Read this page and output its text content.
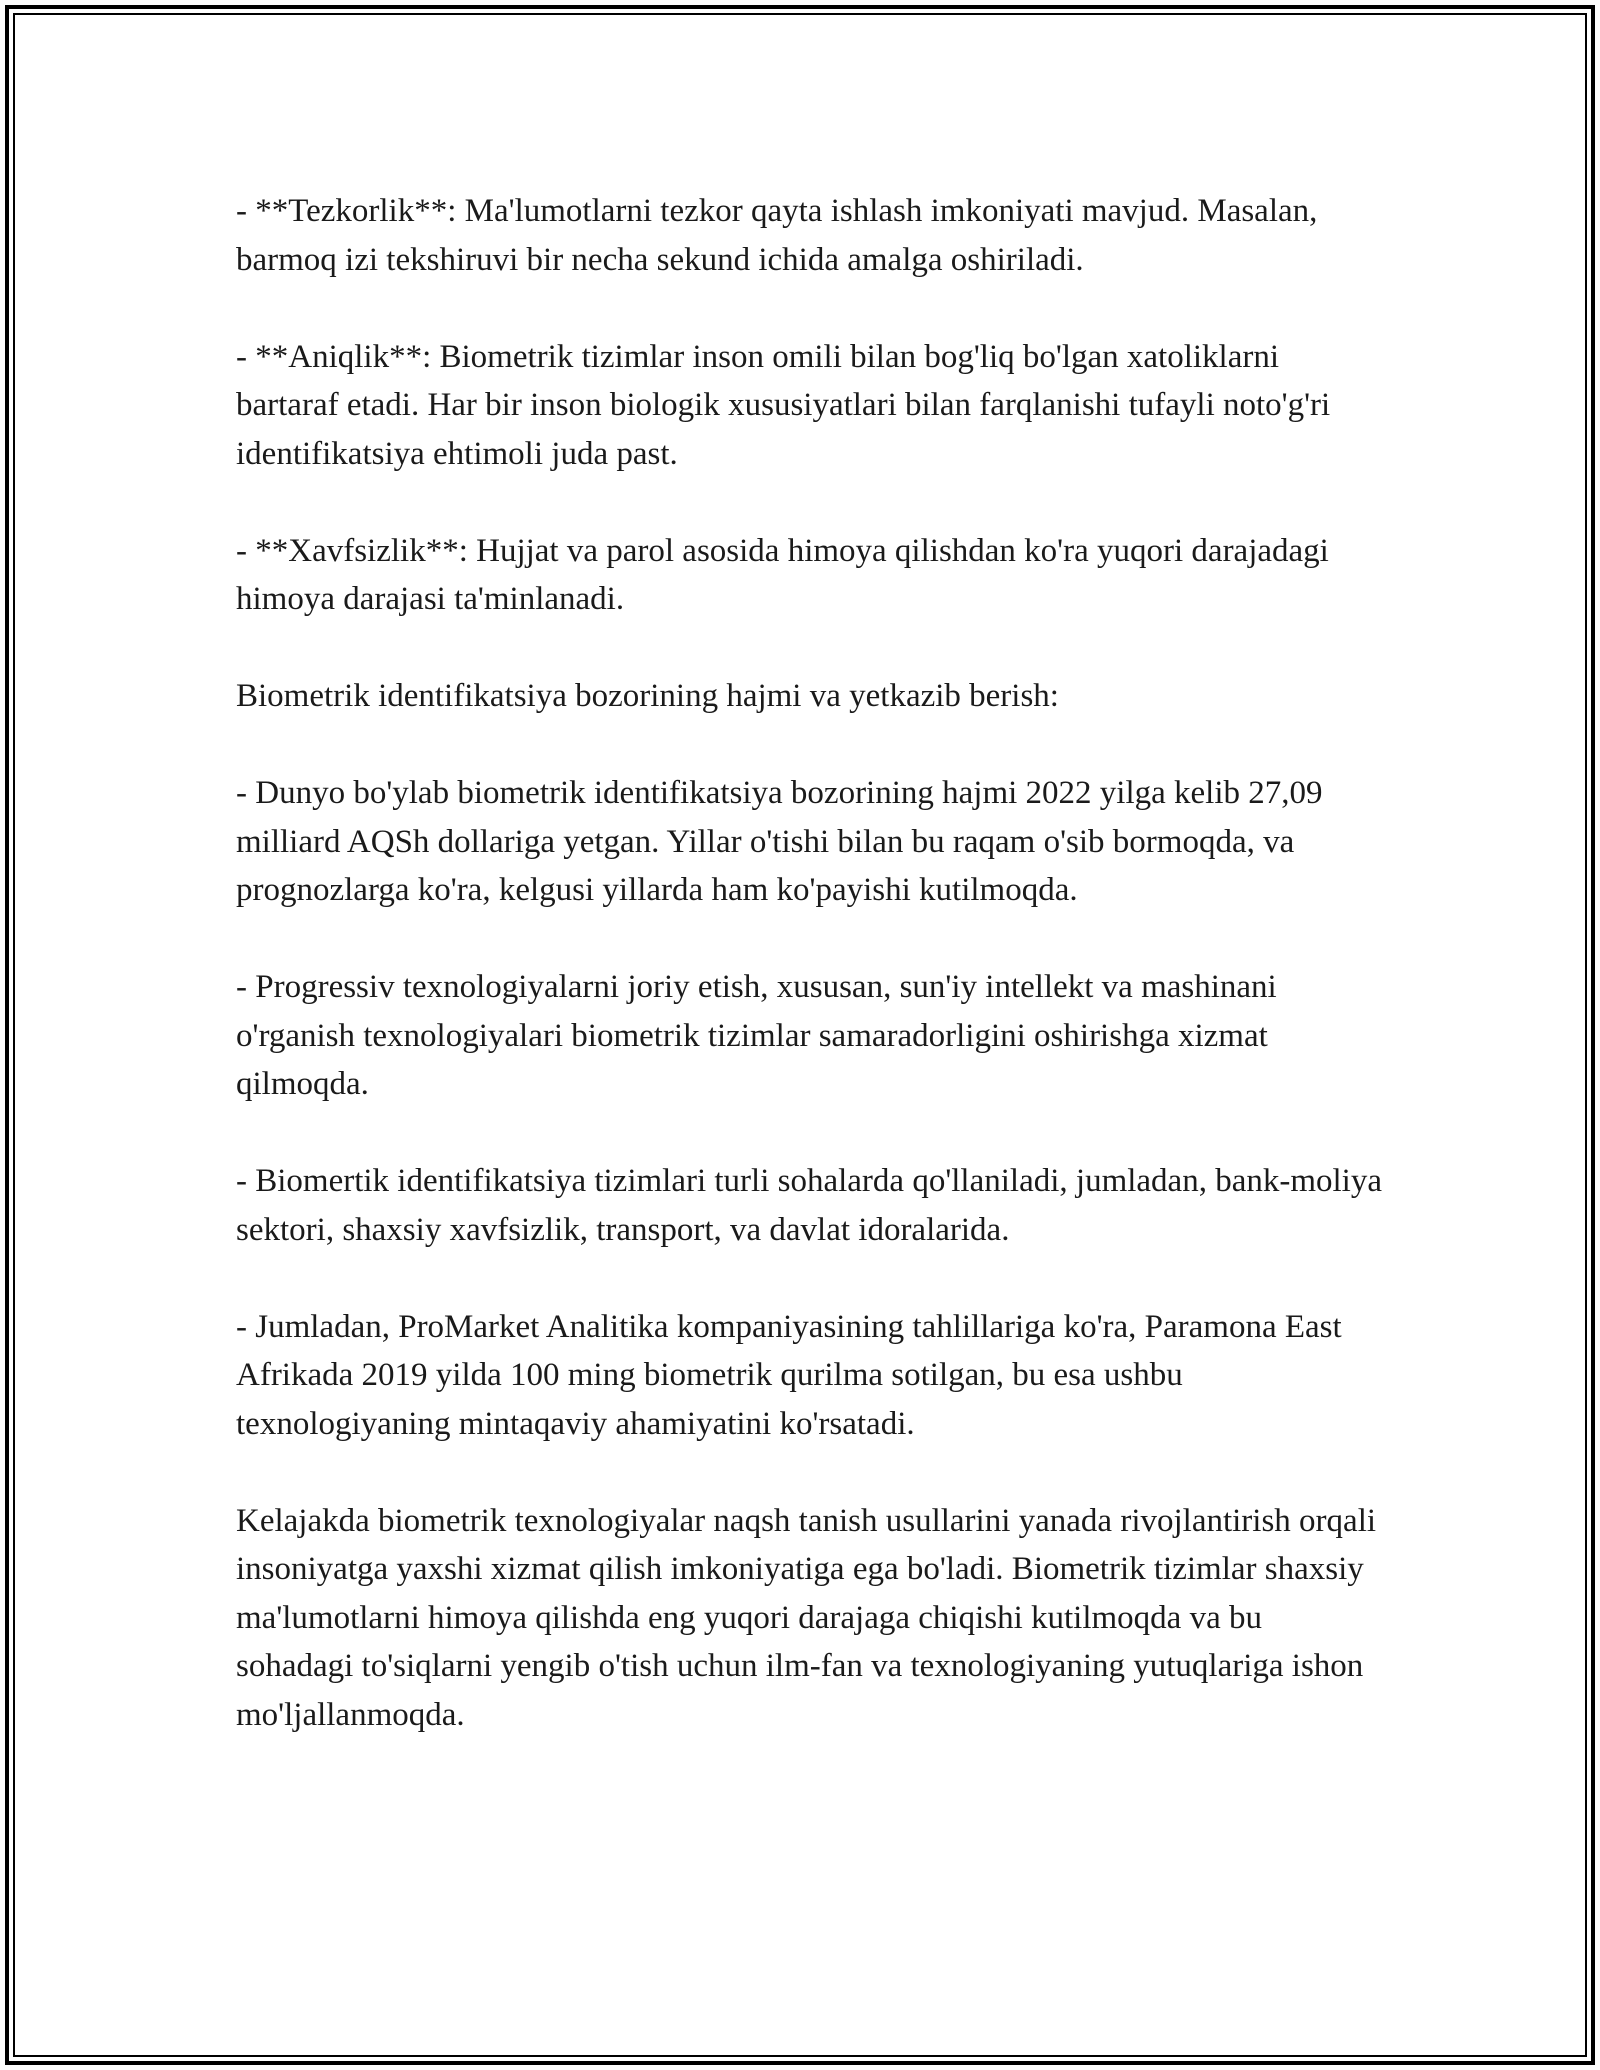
- **Tezkorlik**: Ma'lumotlarni tezkor qayta ishlash imkoniyati mavjud. Masalan, barmoq izi tekshiruvi bir necha sekund ichida amalga oshiriladi.

- **Aniqlik**: Biometrik tizimlar inson omili bilan bog'liq bo'lgan xatoliklarni bartaraf etadi. Har bir inson biologik xususiyatlari bilan farqlanishi tufayli noto'g'ri identifikatsiya ehtimoli juda past.

- **Xavfsizlik**: Hujjat va parol asosida himoya qilishdan ko'ra yuqori darajadagi himoya darajasi ta'minlanadi.

Biometrik identifikatsiya bozorining hajmi va yetkazib berish:

- Dunyo bo'ylab biometrik identifikatsiya bozorining hajmi 2022 yilga kelib 27,09 milliard AQSh dollariga yetgan. Yillar o'tishi bilan bu raqam o'sib bormoqda, va prognozlarga ko'ra, kelgusi yillarda ham ko'payishi kutilmoqda.

- Progressiv texnologiyalarni joriy etish, xususan, sun'iy intellekt va mashinani o'rganish texnologiyalari biometrik tizimlar samaradorligini oshirishga xizmat qilmoqda.

- Biomertik identifikatsiya tizimlari turli sohalarda qo'llaniladi, jumladan, bank-moliya sektori, shaxsiy xavfsizlik, transport, va davlat idoralarida.

- Jumladan, ProMarket Analitika kompaniyasining tahlillariga ko'ra, Paramona East Afrikada 2019 yilda 100 ming biometrik qurilma sotilgan, bu esa ushbu texnologiyaning mintaqaviy ahamiyatini ko'rsatadi.

Kelajakda biometrik texnologiyalar naqsh tanish usullarini yanada rivojlantirish orqali insoniyatga yaxshi xizmat qilish imkoniyatiga ega bo'ladi. Biometrik tizimlar shaxsiy ma'lumotlarni himoya qilishda eng yuqori darajaga chiqishi kutilmoqda va bu sohadagi to'siqlarni yengib o'tish uchun ilm-fan va texnologiyaning yutuqlariga ishon mo'ljallanmoqda.
